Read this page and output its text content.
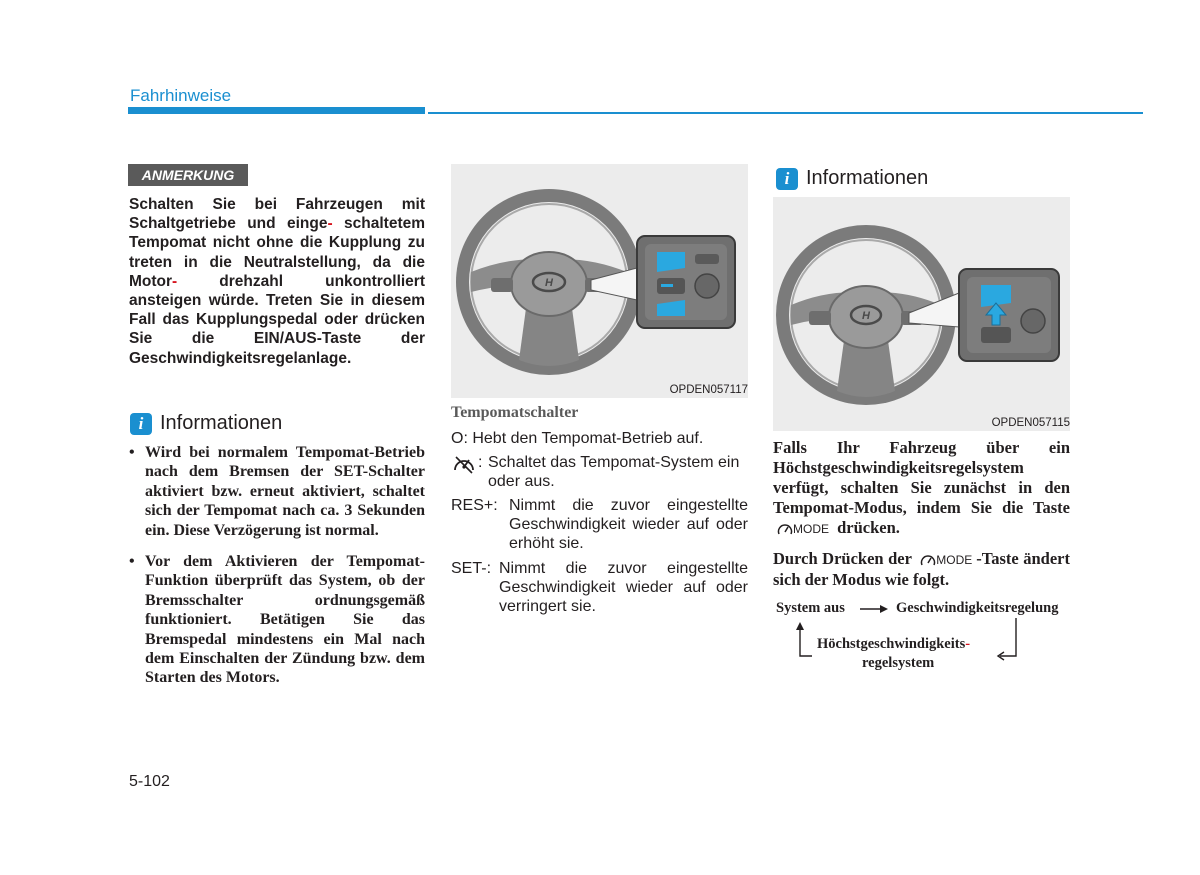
Fahrhinweise
ANMERKUNG
Schalten Sie bei Fahrzeugen mit Schaltgetriebe und einge- schaltetem Tempomat nicht ohne die Kupplung zu treten in die Neutralstellung, da die Motor-	drehzahl unkontrolliert ansteigen würde. Treten Sie in diesem Fall das Kupplungspedal oder drücken Sie die EIN/AUS-Taste der Geschwindigkeitsregelanlage.
i Informationen
• Wird bei normalem Tempomat-Betrieb nach dem Bremsen der SET-Schalter aktiviert bzw. erneut aktiviert, schaltet sich der Tempomat nach ca. 3 Sekunden ein. Diese Verzögerung ist normal.
• Vor dem Aktivieren der Tempomat-Funktion überprüft das System, ob der Bremsschalter ordnungsgemäß funktioniert. Betätigen Sie das Bremspedal mindestens ein Mal nach dem Einschalten der Zündung bzw. dem Starten des Motors.
H
OPDEN057117
Tempomatschalter
O: Hebt den Tempomat-Betrieb auf.
: Schaltet das Tempomat-System ein oder aus.
RES+: Nimmt die zuvor eingestellte Geschwindigkeit wieder auf oder erhöht sie.
SET-: Nimmt die zuvor eingestellte Geschwindigkeit wieder auf oder verringert sie.
i Informationen
H
OPDEN057115
Falls Ihr Fahrzeug über ein Höchstgeschwindigkeitsregelsystem verfügt, schalten Sie zunächst in den Tempomat-Modus, indem Sie die Taste
MODE drücken.
Durch Drücken der MODE -Taste ändert sich der Modus wie folgt.
System aus	Geschwindigkeitsregelung
Höchstgeschwindigkeits-
regelsystem
5-102
